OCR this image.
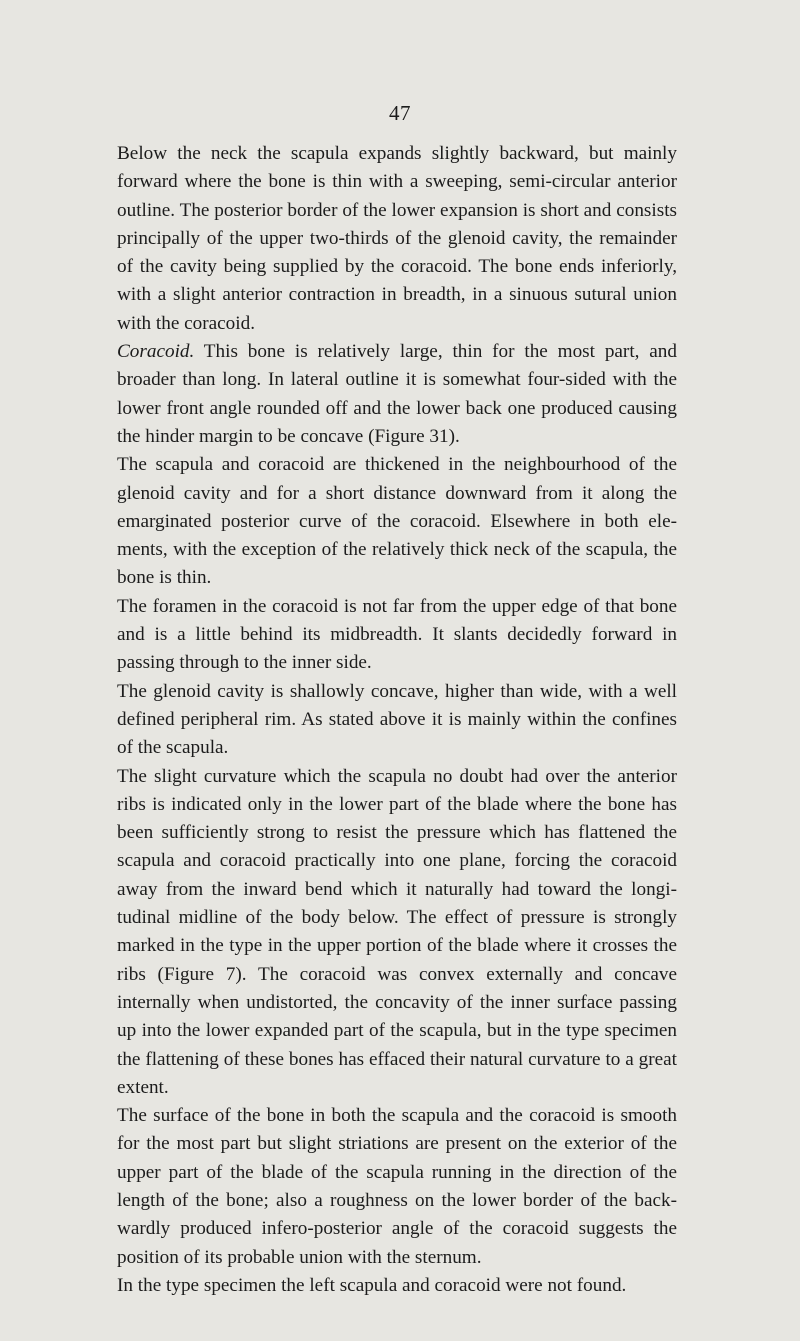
47

Below the neck the scapula expands slightly backward, but mainly forward where the bone is thin with a sweeping, semi-circular anterior outline. The posterior border of the lower expansion is short and consists principally of the upper two-thirds of the glenoid cavity, the remainder of the cavity being supplied by the coracoid. The bone ends inferiorly, with a slight anterior contraction in breadth, in a sinuous sutural union with the coracoid.

Coracoid. This bone is relatively large, thin for the most part, and broader than long. In lateral outline it is somewhat four-sided with the lower front angle rounded off and the lower back one produced causing the hinder margin to be concave (Figure 31).

The scapula and coracoid are thickened in the neighbourhood of the glenoid cavity and for a short distance downward from it along the emarginated posterior curve of the coracoid. Elsewhere in both ele-ments, with the exception of the relatively thick neck of the scapula, the bone is thin.

The foramen in the coracoid is not far from the upper edge of that bone and is a little behind its midbreadth. It slants decidedly forward in passing through to the inner side.

The glenoid cavity is shallowly concave, higher than wide, with a well defined peripheral rim. As stated above it is mainly within the confines of the scapula.

The slight curvature which the scapula no doubt had over the anterior ribs is indicated only in the lower part of the blade where the bone has been sufficiently strong to resist the pressure which has flattened the scapula and coracoid practically into one plane, forcing the coracoid away from the inward bend which it naturally had toward the longi-tudinal midline of the body below. The effect of pressure is strongly marked in the type in the upper portion of the blade where it crosses the ribs (Figure 7). The coracoid was convex externally and concave internally when undistorted, the concavity of the inner surface passing up into the lower expanded part of the scapula, but in the type specimen the flattening of these bones has effaced their natural curvature to a great extent.

The surface of the bone in both the scapula and the coracoid is smooth for the most part but slight striations are present on the exterior of the upper part of the blade of the scapula running in the direction of the length of the bone; also a roughness on the lower border of the back-wardly produced infero-posterior angle of the coracoid suggests the position of its probable union with the sternum.

In the type specimen the left scapula and coracoid were not found.
